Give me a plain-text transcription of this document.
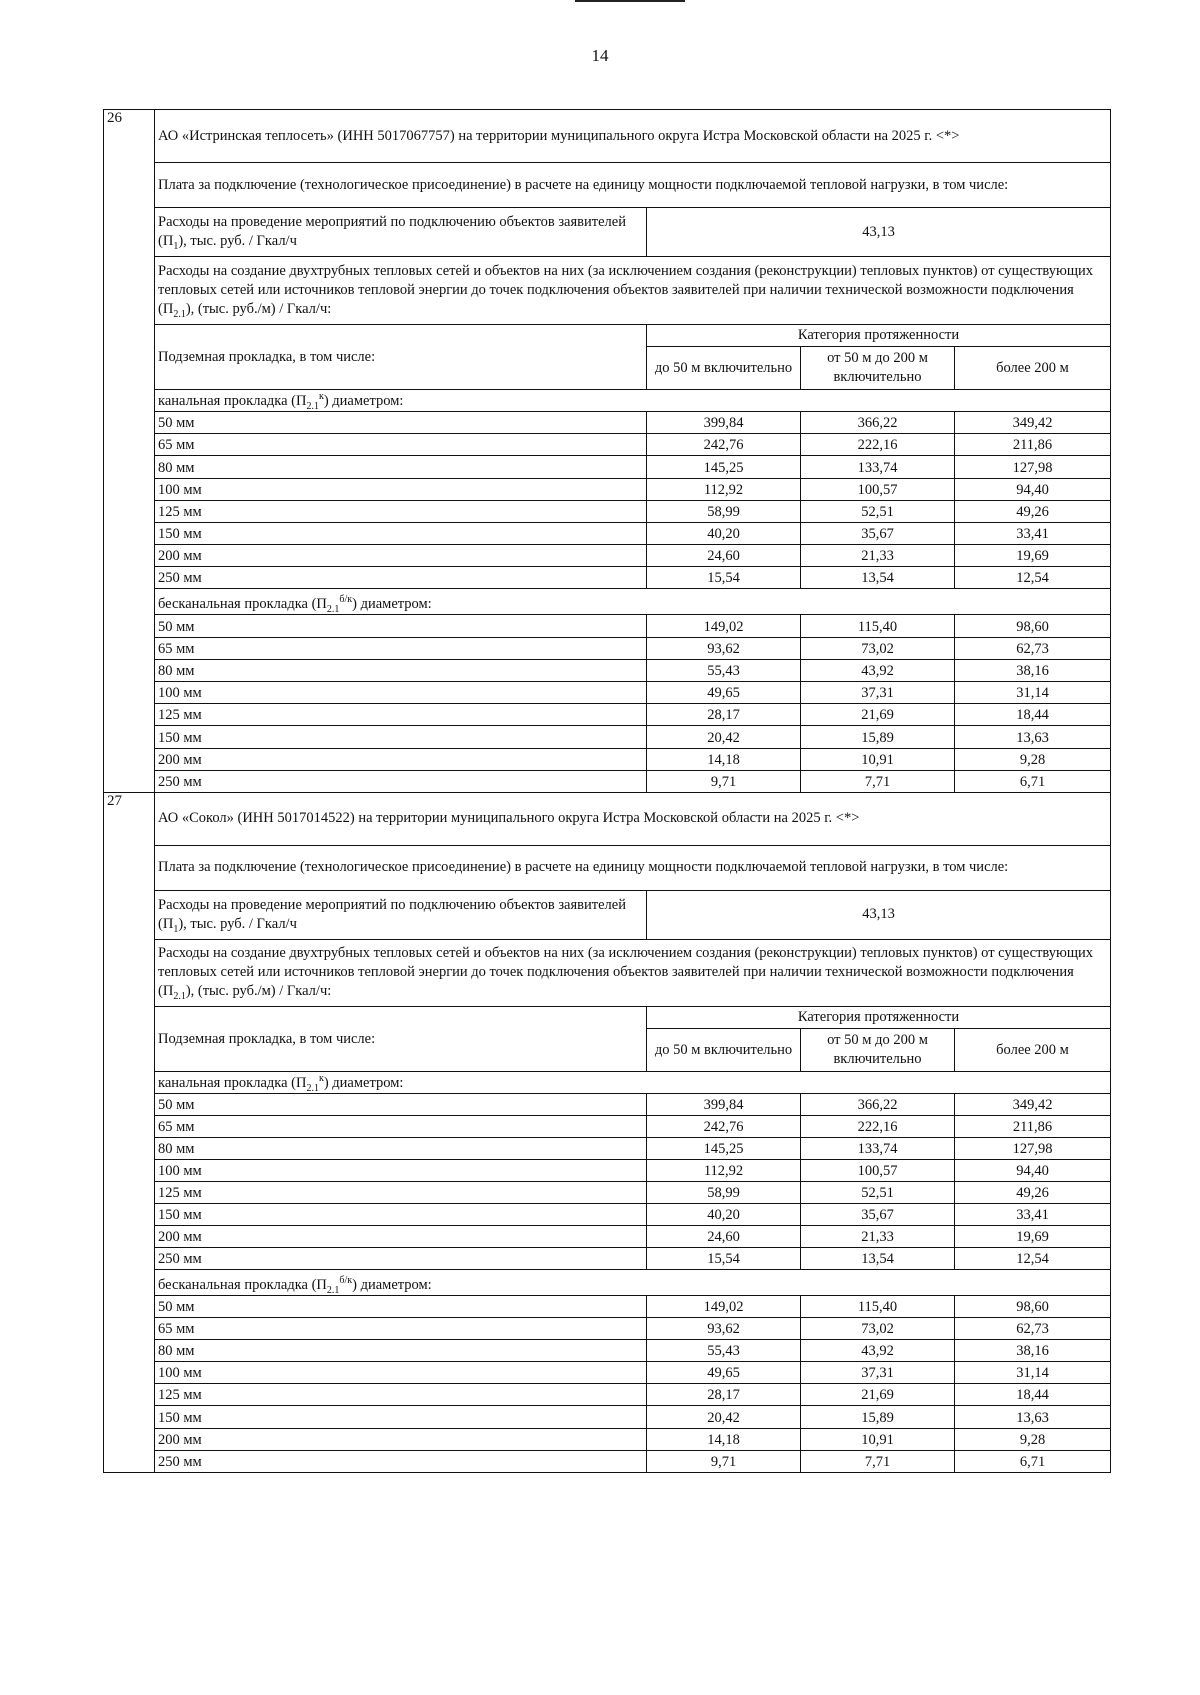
14
26
АО «Истринская теплосеть» (ИНН 5017067757) на территории муниципального округа Истра Московской области на 2025 г. <*>			
Плата за подключение (технологическое присоединение) в расчете на единицу мощности подключаемой тепловой нагрузки, в том числе:			
Расходы на проведение мероприятий по подключению объектов заявителей $(П_1)$, тыс. руб. / Гкал/ч	43,13		
Расходы на создание двухтрубных тепловых сетей и объектов на них (за исключением создания (реконструкции) тепловых пунктов) от существующих тепловых сетей или источников тепловой энергии до точек подключения объектов заявителей при наличии технической возможности подключения $(П_{2.1})$, (тыс. руб./м) / Гкал/ч:			
Подземная прокладка, в том числе:	Категория протяженности		
	до 50 м включительно	от 50 м до 200 м включительно	более 200 м
канальная прокладка $(П_{2.1}^к)$ диаметром:			
50 мм	399,84	366,22	349,42
65 мм	242,76	222,16	211,86
80 мм	145,25	133,74	127,98
100 мм	112,92	100,57	94,40
125 мм	58,99	52,51	49,26
150 мм	40,20	35,67	33,41
200 мм	24,60	21,33	19,69
250 мм	15,54	13,54	12,54
бесканальная прокладка $(П_{2.1}^{б/к})$ диаметром:			
50 мм	149,02	115,40	98,60
65 мм	93,62	73,02	62,73
80 мм	55,43	43,92	38,16
100 мм	49,65	37,31	31,14
125 мм	28,17	21,69	18,44
150 мм	20,42	15,89	13,63
200 мм	14,18	10,91	9,28
250 мм	9,71	7,71	6,71
27
АО «Сокол» (ИНН 5017014522) на территории муниципального округа Истра Московской области на 2025 г. <*>			
Плата за подключение (технологическое присоединение) в расчете на единицу мощности подключаемой тепловой нагрузки, в том числе:			
Расходы на проведение мероприятий по подключению объектов заявителей $(П_1)$, тыс. руб. / Гкал/ч	43,13		
Расходы на создание двухтрубных тепловых сетей и объектов на них (за исключением создания (реконструкции) тепловых пунктов) от существующих тепловых сетей или источников тепловой энергии до точек подключения объектов заявителей при наличии технической возможности подключения $(П_{2.1})$, (тыс. руб./м) / Гкал/ч:			
Подземная прокладка, в том числе:	Категория протяженности		
	до 50 м включительно	от 50 м до 200 м включительно	более 200 м
канальная прокладка $(П_{2.1}^к)$ диаметром:			
50 мм	399,84	366,22	349,42
65 мм	242,76	222,16	211,86
80 мм	145,25	133,74	127,98
100 мм	112,92	100,57	94,40
125 мм	58,99	52,51	49,26
150 мм	40,20	35,67	33,41
200 мм	24,60	21,33	19,69
250 мм	15,54	13,54	12,54
бесканальная прокладка $(П_{2.1}^{б/к})$ диаметром:			
50 мм	149,02	115,40	98,60
65 мм	93,62	73,02	62,73
80 мм	55,43	43,92	38,16
100 мм	49,65	37,31	31,14
125 мм	28,17	21,69	18,44
150 мм	20,42	15,89	13,63
200 мм	14,18	10,91	9,28
250 мм	9,71	7,71	6,71
